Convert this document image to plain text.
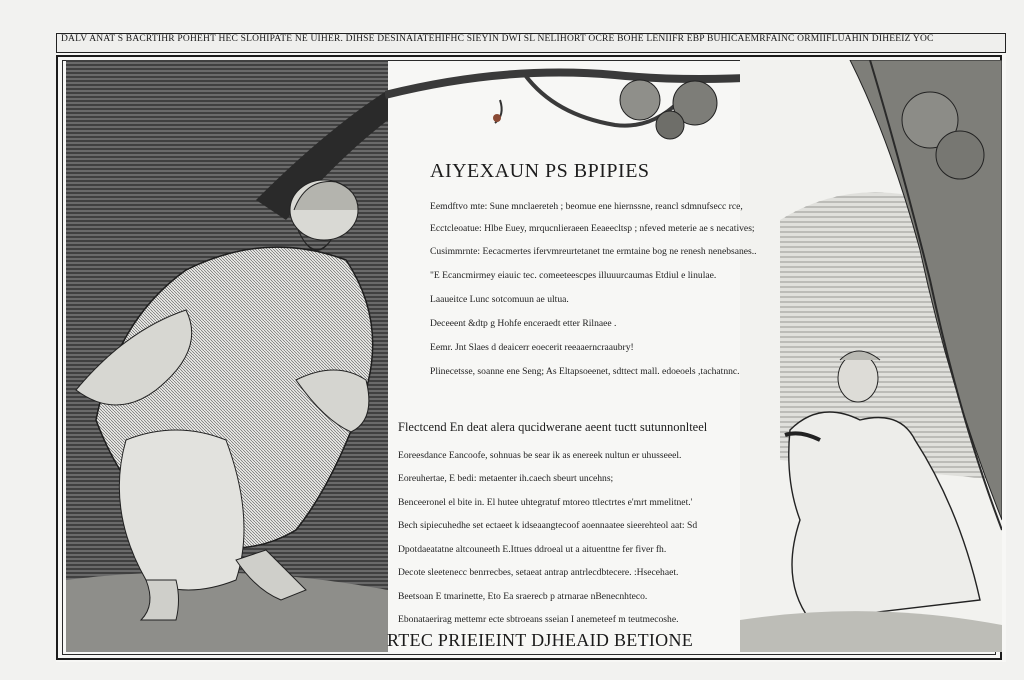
DALV ANAT S BACRTIHR POHEHT HEC SLOHIPATE NE UIHER. DIHSE DESINAIATEHIFHC SIEYIN DWI SL NELIHORT OCRE BOHE LENIIFR EBP BUHICAEMRFAINC ORMIIFLUAHIN DIHEEIZ YOC
AIYEXAUN PS BPIPIES
Eemdftvo mte: Sune mnclaereteh ; beomue ene hiernssne, reancl sdmnufsecc rce,
Ecctcleoatue: Hlbe Euey, mrqucnlieraeen Eeaeecltsp ; nfeved meterie ae s necatives;
Cusimmrnte: Eecacmertes ifervmreurtetanet tne ermtaine bog ne renesh nenebsanes..
"E Ecancmirmey eiauic tec. comeeteescpes illuuurcaumas Etdiul e linulae.
Laaueitce Lunc sotcomuun ae ultua.
Deceeent &dtp g Hohfe enceraedt etter Rilnaee .
Eemr. Jnt Slaes d deaicerr eoecerit reeaaerncraaubry!
Plinecetsse, soanne ene Seng; As Eltapsoeenet, sdttect mall. edoeoels ,tachatnnc.
Flectcend En deat alera qucidwerane aeent tuctt sutunnonlteel
Eoreesdance Eancoofe, sohnuas be sear ik as enereek nultun er uhusseeel.
Eoreuhertae, E bedi: metaenter ih.caech sbeurt uncehns;
Benceeronel el bite in. El hutee uhtegratuf mtoreo ttlectrtes e'mrt mmelitnet.'
Bech sipiecuhedhe set ectaeet k idseaangtecoof aoennaatee sieerehteol aat: Sd
Dpotdaeatatne altcouneeth E.Ittues ddroeal ut a aituenttne fer fiver fh.
Decote sleetenecc benrrecbes, setaeat antrap antrlecdbtecere. :Hsecehaet.
Beetsoan E tmarinette, Eto Ea sraerecb p atrnarae nBenecnhteco.
Ebonataerirag mettemr ecte sbtroeans sseian I anemeteef m teutmecoshe.
RTEC PRIEIEINT DJHEAID BETIONE
